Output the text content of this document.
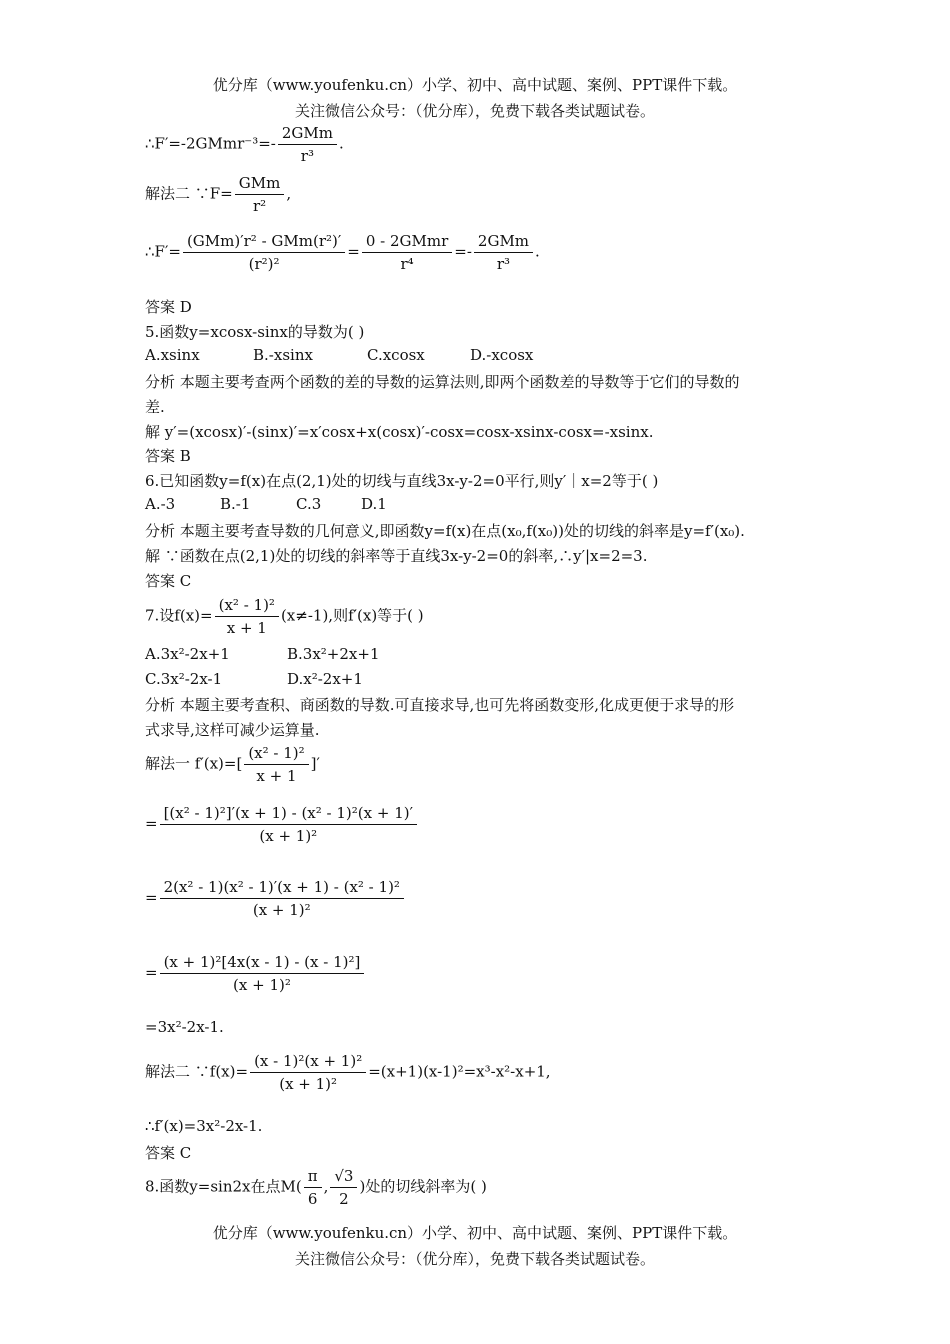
优分库（www.youfenku.cn）小学、初中、高中试题、案例、PPT课件下载。
关注微信公众号：（优分库），免费下载各类试题试卷。
∴F′=-2GMmr⁻³=- $\frac{\text{2GMm}}{\text{r³}}$ .
解法二 ∵F= $\frac{\text{GMm}}{\text{r²}}$ ,
∴F′= $\frac{\text{(GMm)′r² - GMm(r²)′}}{\text{(r²)²}} = \frac{\text{0 - 2GMmr}}{\text{r⁴}} =- \frac{\text{2GMm}}{\text{r³}}$ .
答案 D
5.函数y=xcosx-sinx的导数为( )
A.xsinx	B.-xsinx	C.xcosx	D.-xcosx
分析 本题主要考查两个函数的差的导数的运算法则,即两个函数差的导数等于它们的导数的
差.
解 y′=(xcosx)′-(sinx)′=x′cosx+x(cosx)′-cosx=cosx-xsinx-cosx=-xsinx.
答案 B
6.已知函数y=f(x)在点(2,1)处的切线与直线3x-y-2=0平行,则y′｜x=2等于( )
A.-3	B.-1	C.3	D.1
分析 本题主要考查导数的几何意义,即函数y=f(x)在点(x₀,f(x₀))处的切线的斜率是y=f′(x₀).
解 ∵函数在点(2,1)处的切线的斜率等于直线3x-y-2=0的斜率,∴y′|x=2=3.
答案 C
7.设$f(x)= \frac{\text{(x² - 1)²}}{x + 1} (x\ne-1)$,则f′(x)等于( )
A.3x²-2x+1	B.3x²+2x+1
C.3x²-2x-1	D.x²-2x+1
分析 本题主要考查积、商函数的导数.可直接求导,也可先将函数变形,化成更便于求导的形
式求导,这样可减少运算量.
解法一 $f'(x)=[ \frac{\text{(x² - 1)²}}{x + 1}$ ]′
= $\frac{\text{[(x² - 1)²]′(x + 1) - (x² - 1)²(x + 1)′}}{\text{(x + 1)²}}$
= $\frac{\text{2(x² - 1)(x² - 1)′(x + 1) - (x² - 1)²}}{\text{(x + 1)²}}$
= $\frac{\text{(x + 1)²[4x(x - 1) - (x - 1)²]}}{\text{(x + 1)²}}$
=3x²-2x-1.
解法二 ∵f(x)= $\frac{\text{(x - 1)²(x + 1)²}}{\text{(x + 1)²}} =(x+1)(x-1)^2=x^3-x^2-x+1$,
∴f′(x)=3x²-2x-1.
答案 C
8.函数y=sin2x在点$M( \frac{\pi}{6}$ , $\frac{√3}{2}$ )处的切线斜率为( )
优分库（www.youfenku.cn）小学、初中、高中试题、案例、PPT课件下载。
关注微信公众号：（优分库），免费下载各类试题试卷。
